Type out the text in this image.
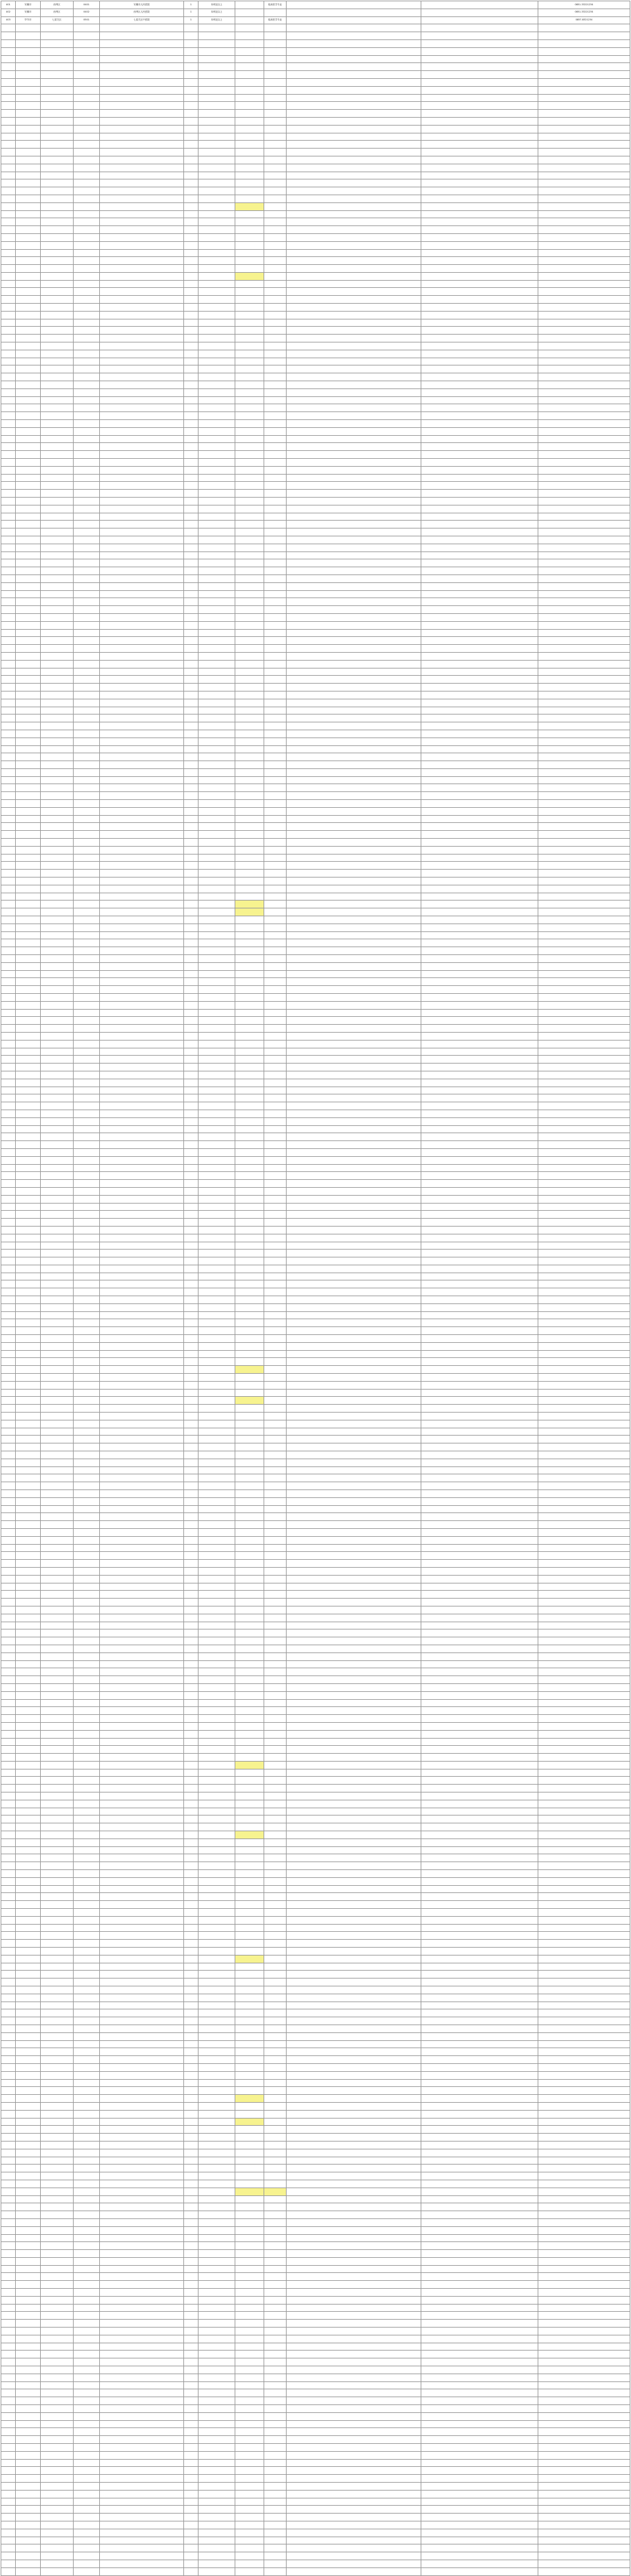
401	安顺市	西秀区	0401	安顺市人民医院	1	本科及以上		临床医学专业			0851-33221234
402	安顺市	西秀区	0402	西秀区人民医院	1	本科及以上					0851-33221234
403	毕节市	七星关区	0501	七星关区中医院	1	本科及以上		临床医学专业			0857-8321234
